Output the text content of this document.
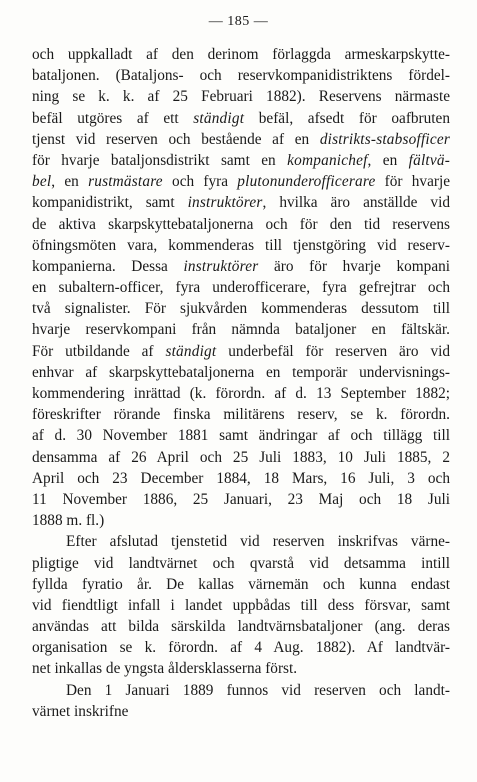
— 185 —
och uppkalladt af den derinom förlaggda armeskarpskytte-
bataljonen. (Bataljons- och reservkompanidistriktens fördel-
ning se k. k. af 25 Februari 1882). Reservens närmaste
befäl utgöres af ett ständigt befäl, afsedt för oafbruten
tjenst vid reserven och bestående af en distrikts-stabsofficer
för hvarje bataljonsdistrikt samt en kompanichef, en fältvä-
bel, en rustmästare och fyra plutonunderofficerare för hvarje
kompanidistrikt, samt instruktörer, hvilka äro anställde vid
de aktiva skarpskyttebataljonerna och för den tid reservens
öfningsmöten vara, kommenderas till tjenstgöring vid reserv-
kompanierna. Dessa instruktörer äro för hvarje kompani
en subaltern-officer, fyra underofficerare, fyra gefrejtrar och
två signalister. För sjukvården kommenderas dessutom till
hvarje reservkompani från nämnda bataljoner en fältskär.
För utbildande af ständigt underbefäl för reserven äro vid
enhvar af skarpskyttebataljonerna en temporär undervisnings-
kommendering inrättad (k. förordn. af d. 13 September 1882;
föreskrifter rörande finska militärens reserv, se k. förordn.
af d. 30 November 1881 samt ändringar af och tillägg till
densamma af 26 April och 25 Juli 1883, 10 Juli 1885, 2
April och 23 December 1884, 18 Mars, 16 Juli, 3 och
11 November 1886, 25 Januari, 23 Maj och 18 Juli
1888 m. fl.)
Efter afslutad tjenstetid vid reserven inskrifvas värne-
pligtige vid landtvärnet och qvarstå vid detsamma intill
fyllda fyratio år. De kallas värnemän och kunna endast
vid fiendtligt infall i landet uppbådas till dess försvar, samt
användas att bilda särskilda landtvärnsbataljoner (ang. deras
organisation se k. förordn. af 4 Aug. 1882). Af landtvär-
net inkallas de yngsta åldersklasserna först.
Den 1 Januari 1889 funnos vid reserven och landt-
värnet inskrifne
